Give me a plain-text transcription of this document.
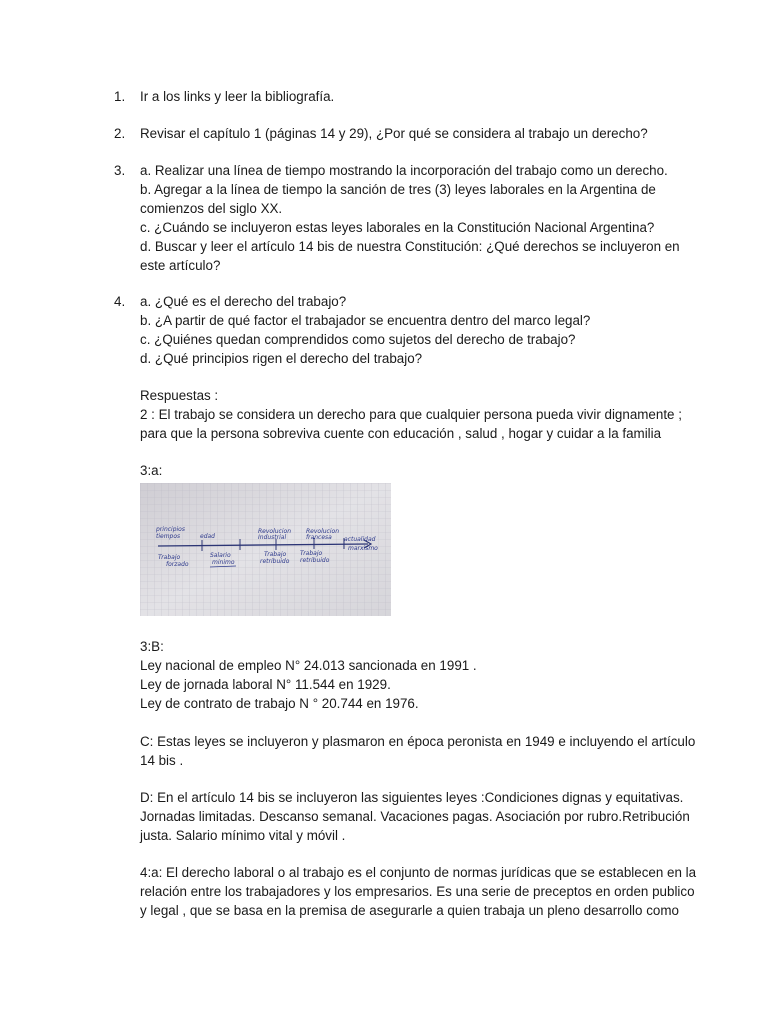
1. Ir a los links y leer la bibliografía.
2. Revisar el capítulo 1 (páginas 14 y 29), ¿Por qué se considera al trabajo un derecho?
3. a. Realizar una línea de tiempo mostrando la incorporación del trabajo como un derecho.
b. Agregar a la línea de tiempo la sanción de tres (3) leyes laborales en la Argentina de
comienzos del siglo XX.
c. ¿Cuándo se incluyeron estas leyes laborales en la Constitución Nacional Argentina?
d. Buscar y leer el artículo 14 bis de nuestra Constitución: ¿Qué derechos se incluyeron en
este artículo?
4. a. ¿Qué es el derecho del trabajo?
b. ¿A partir de qué factor el trabajador se encuentra dentro del marco legal?
c. ¿Quiénes quedan comprendidos como sujetos del derecho de trabajo?
d. ¿Qué principios rigen el derecho del trabajo?
Respuestas :
2 : El trabajo se considera un derecho para que cualquier persona pueda vivir dignamente ;
para que la persona sobreviva cuente con educación , salud , hogar y cuidar a la familia
3:a:
principios
tiempos	edad
Revolucion
Industrial
Revolucion
francesa actualidad
Trabajo
forzado
Salario
minimo
Trabajo
retribuido
Trabajo
retribuido
marxismo
3:B:
Ley nacional de empleo N° 24.013 sancionada en 1991 .
Ley de jornada laboral N° 11.544 en 1929.
Ley de contrato de trabajo N ° 20.744 en 1976.
C: Estas leyes se incluyeron y plasmaron en época peronista en 1949 e incluyendo el artículo
14 bis .
D: En el artículo 14 bis se incluyeron las siguientes leyes :Condiciones dignas y equitativas.
Jornadas limitadas. Descanso semanal. Vacaciones pagas. Asociación por rubro.Retribución
justa. Salario mínimo vital y móvil .
4:a: El derecho laboral o al trabajo es el conjunto de normas jurídicas que se establecen en la
relación entre los trabajadores y los empresarios. Es una serie de preceptos en orden publico
y legal , que se basa en la premisa de asegurarle a quien trabaja un pleno desarrollo como
